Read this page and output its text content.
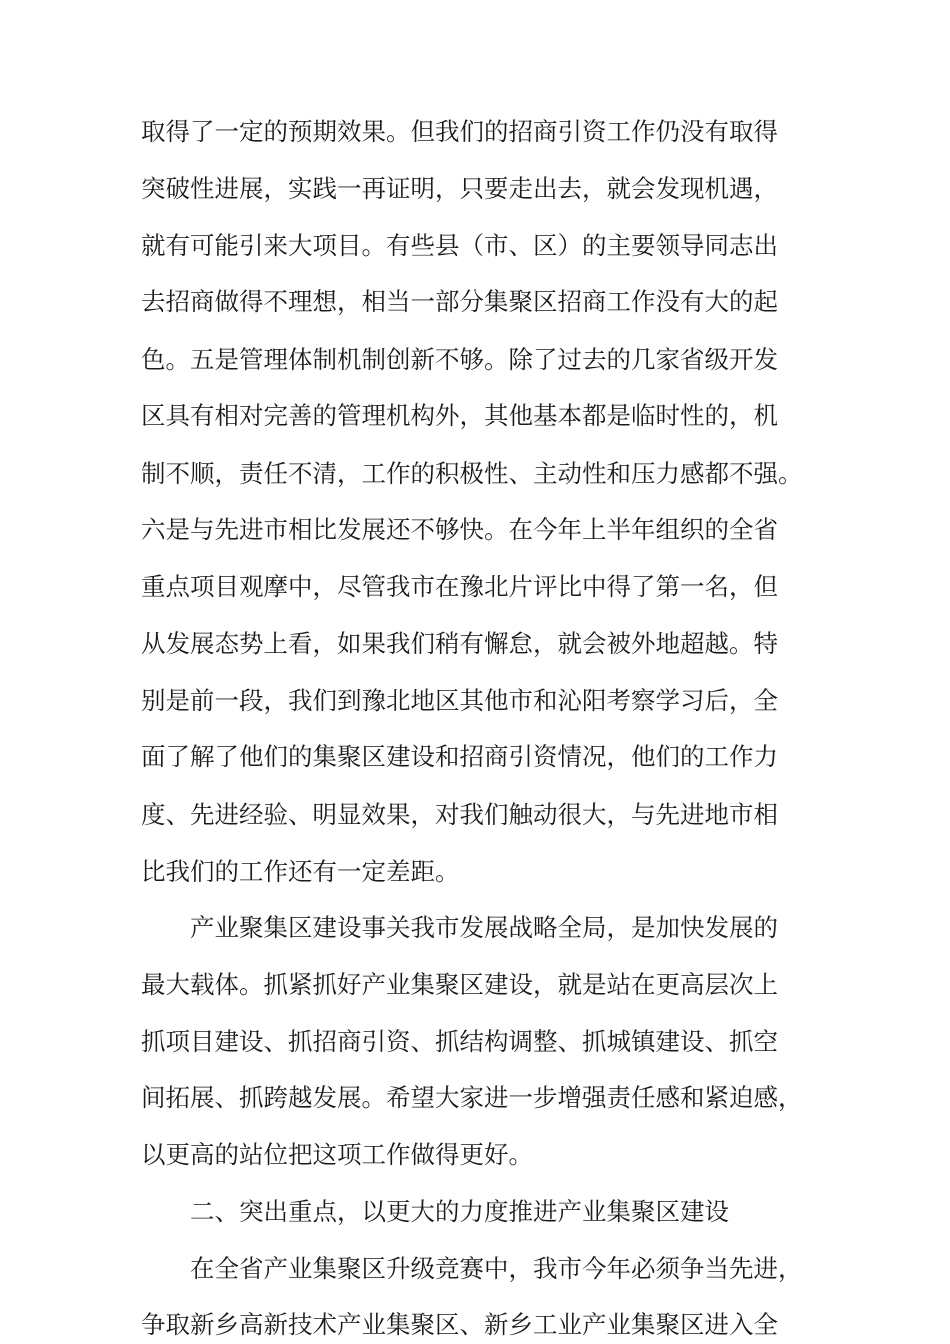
取得了一定的预期效果。但我们的招商引资工作仍没有取得
突破性进展，实践一再证明，只要走出去，就会发现机遇，
就有可能引来大项目。有些县（市、区）的主要领导同志出
去招商做得不理想，相当一部分集聚区招商工作没有大的起
色。五是管理体制机制创新不够。除了过去的几家省级开发
区具有相对完善的管理机构外，其他基本都是临时性的，机
制不顺，责任不清，工作的积极性、主动性和压力感都不强。
六是与先进市相比发展还不够快。在今年上半年组织的全省
重点项目观摩中，尽管我市在豫北片评比中得了第一名，但
从发展态势上看，如果我们稍有懈怠，就会被外地超越。特
别是前一段，我们到豫北地区其他市和沁阳考察学习后，全
面了解了他们的集聚区建设和招商引资情况，他们的工作力
度、先进经验、明显效果，对我们触动很大，与先进地市相
比我们的工作还有一定差距。
产业聚集区建设事关我市发展战略全局，是加快发展的
最大载体。抓紧抓好产业集聚区建设，就是站在更高层次上
抓项目建设、抓招商引资、抓结构调整、抓城镇建设、抓空
间拓展、抓跨越发展。希望大家进一步增强责任感和紧迫感，
以更高的站位把这项工作做得更好。
二、突出重点，以更大的力度推进产业集聚区建设
在全省产业集聚区升级竞赛中，我市今年必须争当先进，
争取新乡高新技术产业集聚区、新乡工业产业集聚区进入全
